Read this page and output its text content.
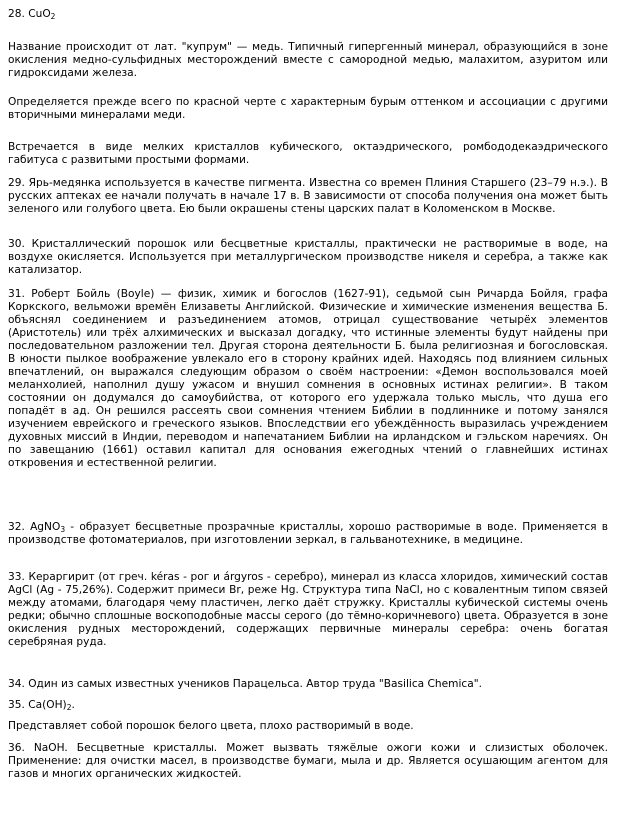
28. CuO$_2$

Название происходит от лат. "купрум" — медь. Типичный гипергенный минерал, образующийся в зоне окисления медно-сульфидных месторождений вместе с самородной медью, малахитом, азуритом или гидроксидами железа.

Определяется прежде всего по красной черте с характерным бурым оттенком и ассоциации с другими вторичными минералами меди.

Встречается в виде мелких кристаллов кубического, октаэдрического, ромбододекаэдрического габитуса с развитыми простыми формами.

29. Ярь-медянка используется в качестве пигмента. Известна со времен Плиния Старшего (23–79 н.э.). В русских аптеках ее начали получать в начале 17 в. В зависимости от способа получения она может быть зеленого или голубого цвета. Ею были окрашены стены царских палат в Коломенском в Москве.

30. Кристаллический порошок или бесцветные кристаллы, практически не растворимые в воде, на воздухе окисляется. Используется при металлургическом производстве никеля и серебра, а также как катализатор.

31. Роберт Бойль (Boyle) — физик, химик и богослов (1627-91), седьмой сын Ричарда Бойля, графа Коркского, вельможи времён Елизаветы Английской. Физические и химические изменения вещества Б. объяснял соединением и разъединением атомов, отрицал существование четырёх элементов (Аристотель) или трёх алхимических и высказал догадку, что истинные элементы будут найдены при последовательном разложении тел. Другая сторона деятельности Б. была религиозная и богословская. В юности пылкое воображение увлекало его в сторону крайних идей. Находясь под влиянием сильных впечатлений, он выражался следующим образом о своём настроении: «Демон воспользовался моей меланхолией, наполнил душу ужасом и внушил сомнения в основных истинах религии». В таком состоянии он додумался до самоубийства, от которого его удержала только мысль, что душа его попадёт в ад. Он решился рассеять свои сомнения чтением Библии в подлиннике и потому занялся изучением еврейского и греческого языков. Впоследствии его убеждённость выразилась учреждением духовных миссий в Индии, переводом и напечатанием Библии на ирландском и гэльском наречиях. Он по завещанию (1661) оставил капитал для основания ежегодных чтений о главнейших истинах откровения и естественной религии.

32. AgNO$_3$ - образует бесцветные прозрачные кристаллы, хорошо растворимые в воде. Применяется в производстве фотоматериалов, при изготовлении зеркал, в гальванотехнике, в медицине.

33. Кераргирит (от греч. kéras - рог и árgyros - серебро), минерал из класса хлоридов, химический состав AgCl (Ag - 75,26%). Содержит примеси Br, реже Hg. Структура типа NaCl, но с ковалентным типом связей между атомами, благодаря чему пластичен, легко даёт стружку. Кристаллы кубической системы очень редки; обычно сплошные воскоподобные массы серого (до тёмно-коричневого) цвета. Образуется в зоне окисления рудных месторождений, содержащих первичные минералы серебра: очень богатая серебряная руда.

34. Один из самых известных учеников Парацельса. Автор труда "Basilica Chemica".

35. $Ca(OH)_2$.

Представляет собой порошок белого цвета, плохо растворимый в воде.

36. NaOH. Бесцветные кристаллы. Может вызвать тяжёлые ожоги кожи и слизистых оболочек. Применение: для очистки масел, в производстве бумаги, мыла и др. Является осушающим агентом для газов и многих органических жидкостей.
